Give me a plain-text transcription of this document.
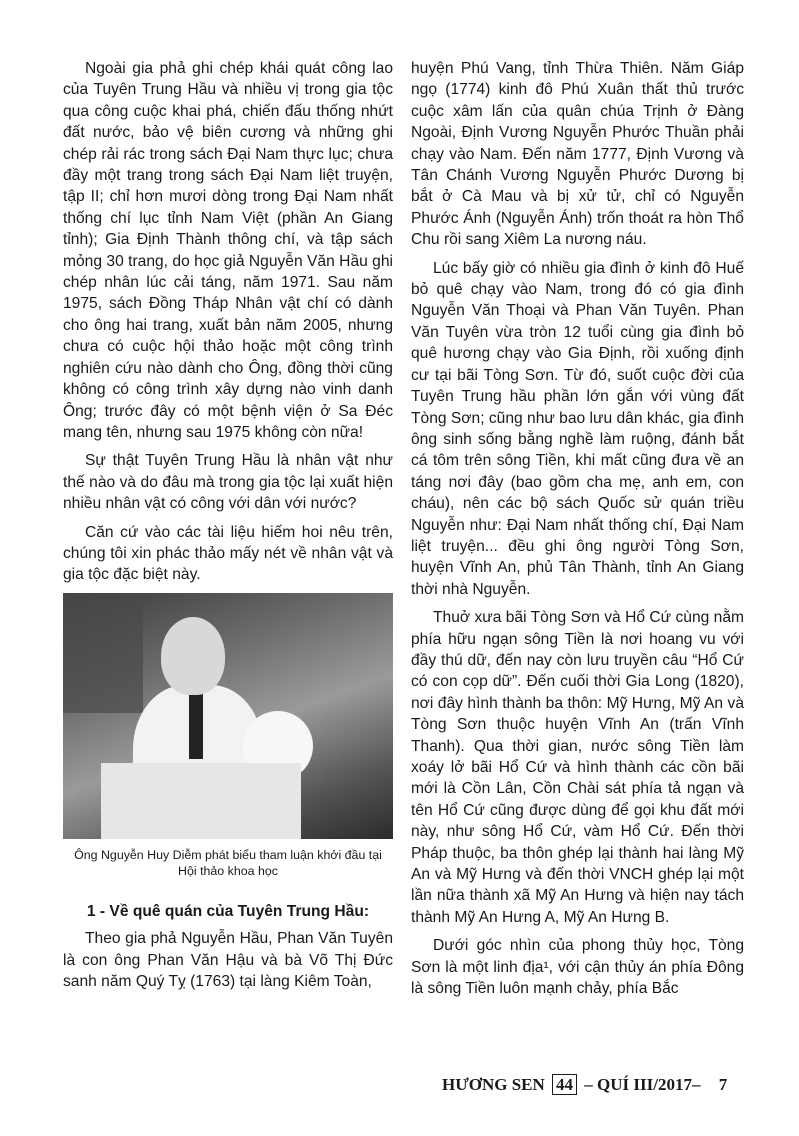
Ngoài gia phả ghi chép khái quát công lao của Tuyên Trung Hầu và nhiều vị trong gia tộc qua công cuộc khai phá, chiến đấu thống nhứt đất nước, bảo vệ biên cương và những ghi chép rải rác trong sách Đại Nam thực lục; chưa đầy một trang trong sách Đại Nam liệt truyện, tập II; chỉ hơn mươi dòng trong Đại Nam nhất thống chí lục tỉnh Nam Việt (phần An Giang tỉnh); Gia Định Thành thông chí, và tập sách mỏng 30 trang, do học giả Nguyễn Văn Hầu ghi chép nhân lúc cải táng, năm 1971. Sau năm 1975, sách Đồng Tháp Nhân vật chí có dành cho ông hai trang, xuất bản năm 2005, nhưng chưa có cuộc hội thảo hoặc một công trình nghiên cứu nào dành cho Ông, đồng thời cũng không có công trình xây dựng nào vinh danh Ông; trước đây có một bệnh viện ở Sa Đéc mang tên, nhưng sau 1975 không còn nữa!

Sự thật Tuyên Trung Hầu là nhân vật như thế nào và do đâu mà trong gia tộc lại xuất hiện nhiều nhân vật có công với dân với nước?

Căn cứ vào các tài liệu hiếm hoi nêu trên, chúng tôi xin phác thảo mấy nét về nhân vật và gia tộc đặc biệt này.

Ông Nguyễn Huy Diễm phát biểu tham luận khởi đầu tại
Hội thảo khoa học
1 - Về quê quán của Tuyên Trung Hầu:

Theo gia phả Nguyễn Hầu, Phan Văn Tuyên là con ông Phan Văn Hậu và bà Võ Thị Đức sanh năm Quý Tỵ (1763) tại làng Kiêm Toàn,

huyện Phú Vang, tỉnh Thừa Thiên. Năm Giáp ngọ (1774) kinh đô Phú Xuân thất thủ trước cuộc xâm lấn của quân chúa Trịnh ở Đàng Ngoài, Định Vương Nguyễn Phước Thuần phải chạy vào Nam. Đến năm 1777, Định Vương và Tân Chánh Vương Nguyễn Phước Dương bị bắt ở Cà Mau và bị xử tử, chỉ có Nguyễn Phước Ánh (Nguyễn Ánh) trốn thoát ra hòn Thổ Chu rồi sang Xiêm La nương náu.

Lúc bấy giờ có nhiều gia đình ở kinh đô Huế bỏ quê chạy vào Nam, trong đó có gia đình Nguyễn Văn Thoại và Phan Văn Tuyên. Phan Văn Tuyên vừa tròn 12 tuổi cùng gia đình bỏ quê hương chạy vào Gia Định, rồi xuống định cư tại bãi Tòng Sơn. Từ đó, suốt cuộc đời của Tuyên Trung hầu phần lớn gắn với vùng đất Tòng Sơn; cũng như bao lưu dân khác, gia đình ông sinh sống bằng nghề làm ruộng, đánh bắt cá tôm trên sông Tiền, khi mất cũng đưa về an táng nơi đây (bao gồm cha mẹ, anh em, con cháu), nên các bộ sách Quốc sử quán triều Nguyễn như: Đại Nam nhất thống chí, Đại Nam liệt truyện... đều ghi ông người Tòng Sơn, huyện Vĩnh An, phủ Tân Thành, tỉnh An Giang thời nhà Nguyễn.

Thuở xưa bãi Tòng Sơn và Hổ Cứ cùng nằm phía hữu ngạn sông Tiền là nơi hoang vu với đầy thú dữ, đến nay còn lưu truyền câu “Hổ Cứ có con cọp dữ”. Đến cuối thời Gia Long (1820), nơi đây hình thành ba thôn: Mỹ Hưng, Mỹ An và Tòng Sơn thuộc huyện Vĩnh An (trấn Vĩnh Thanh). Qua thời gian, nước sông Tiền làm xoáy lở bãi Hổ Cứ và hình thành các cồn bãi mới là Cồn Lân, Cồn Chài sát phía tả ngạn và tên Hổ Cứ cũng được dùng để gọi khu đất mới này, như sông Hổ Cứ, vàm Hổ Cứ. Đến thời Pháp thuộc, ba thôn ghép lại thành hai làng Mỹ An và Mỹ Hưng và đến thời VNCH ghép lại một lần nữa thành xã Mỹ An Hưng và hiện nay tách thành Mỹ An Hưng A, Mỹ An Hưng B.

Dưới góc nhìn của phong thủy học, Tòng Sơn là một linh địa¹, với cận thủy án phía Đông là sông Tiền luôn mạnh chảy, phía Bắc

HƯƠNG SEN 44 – QUÍ III/2017– 7
